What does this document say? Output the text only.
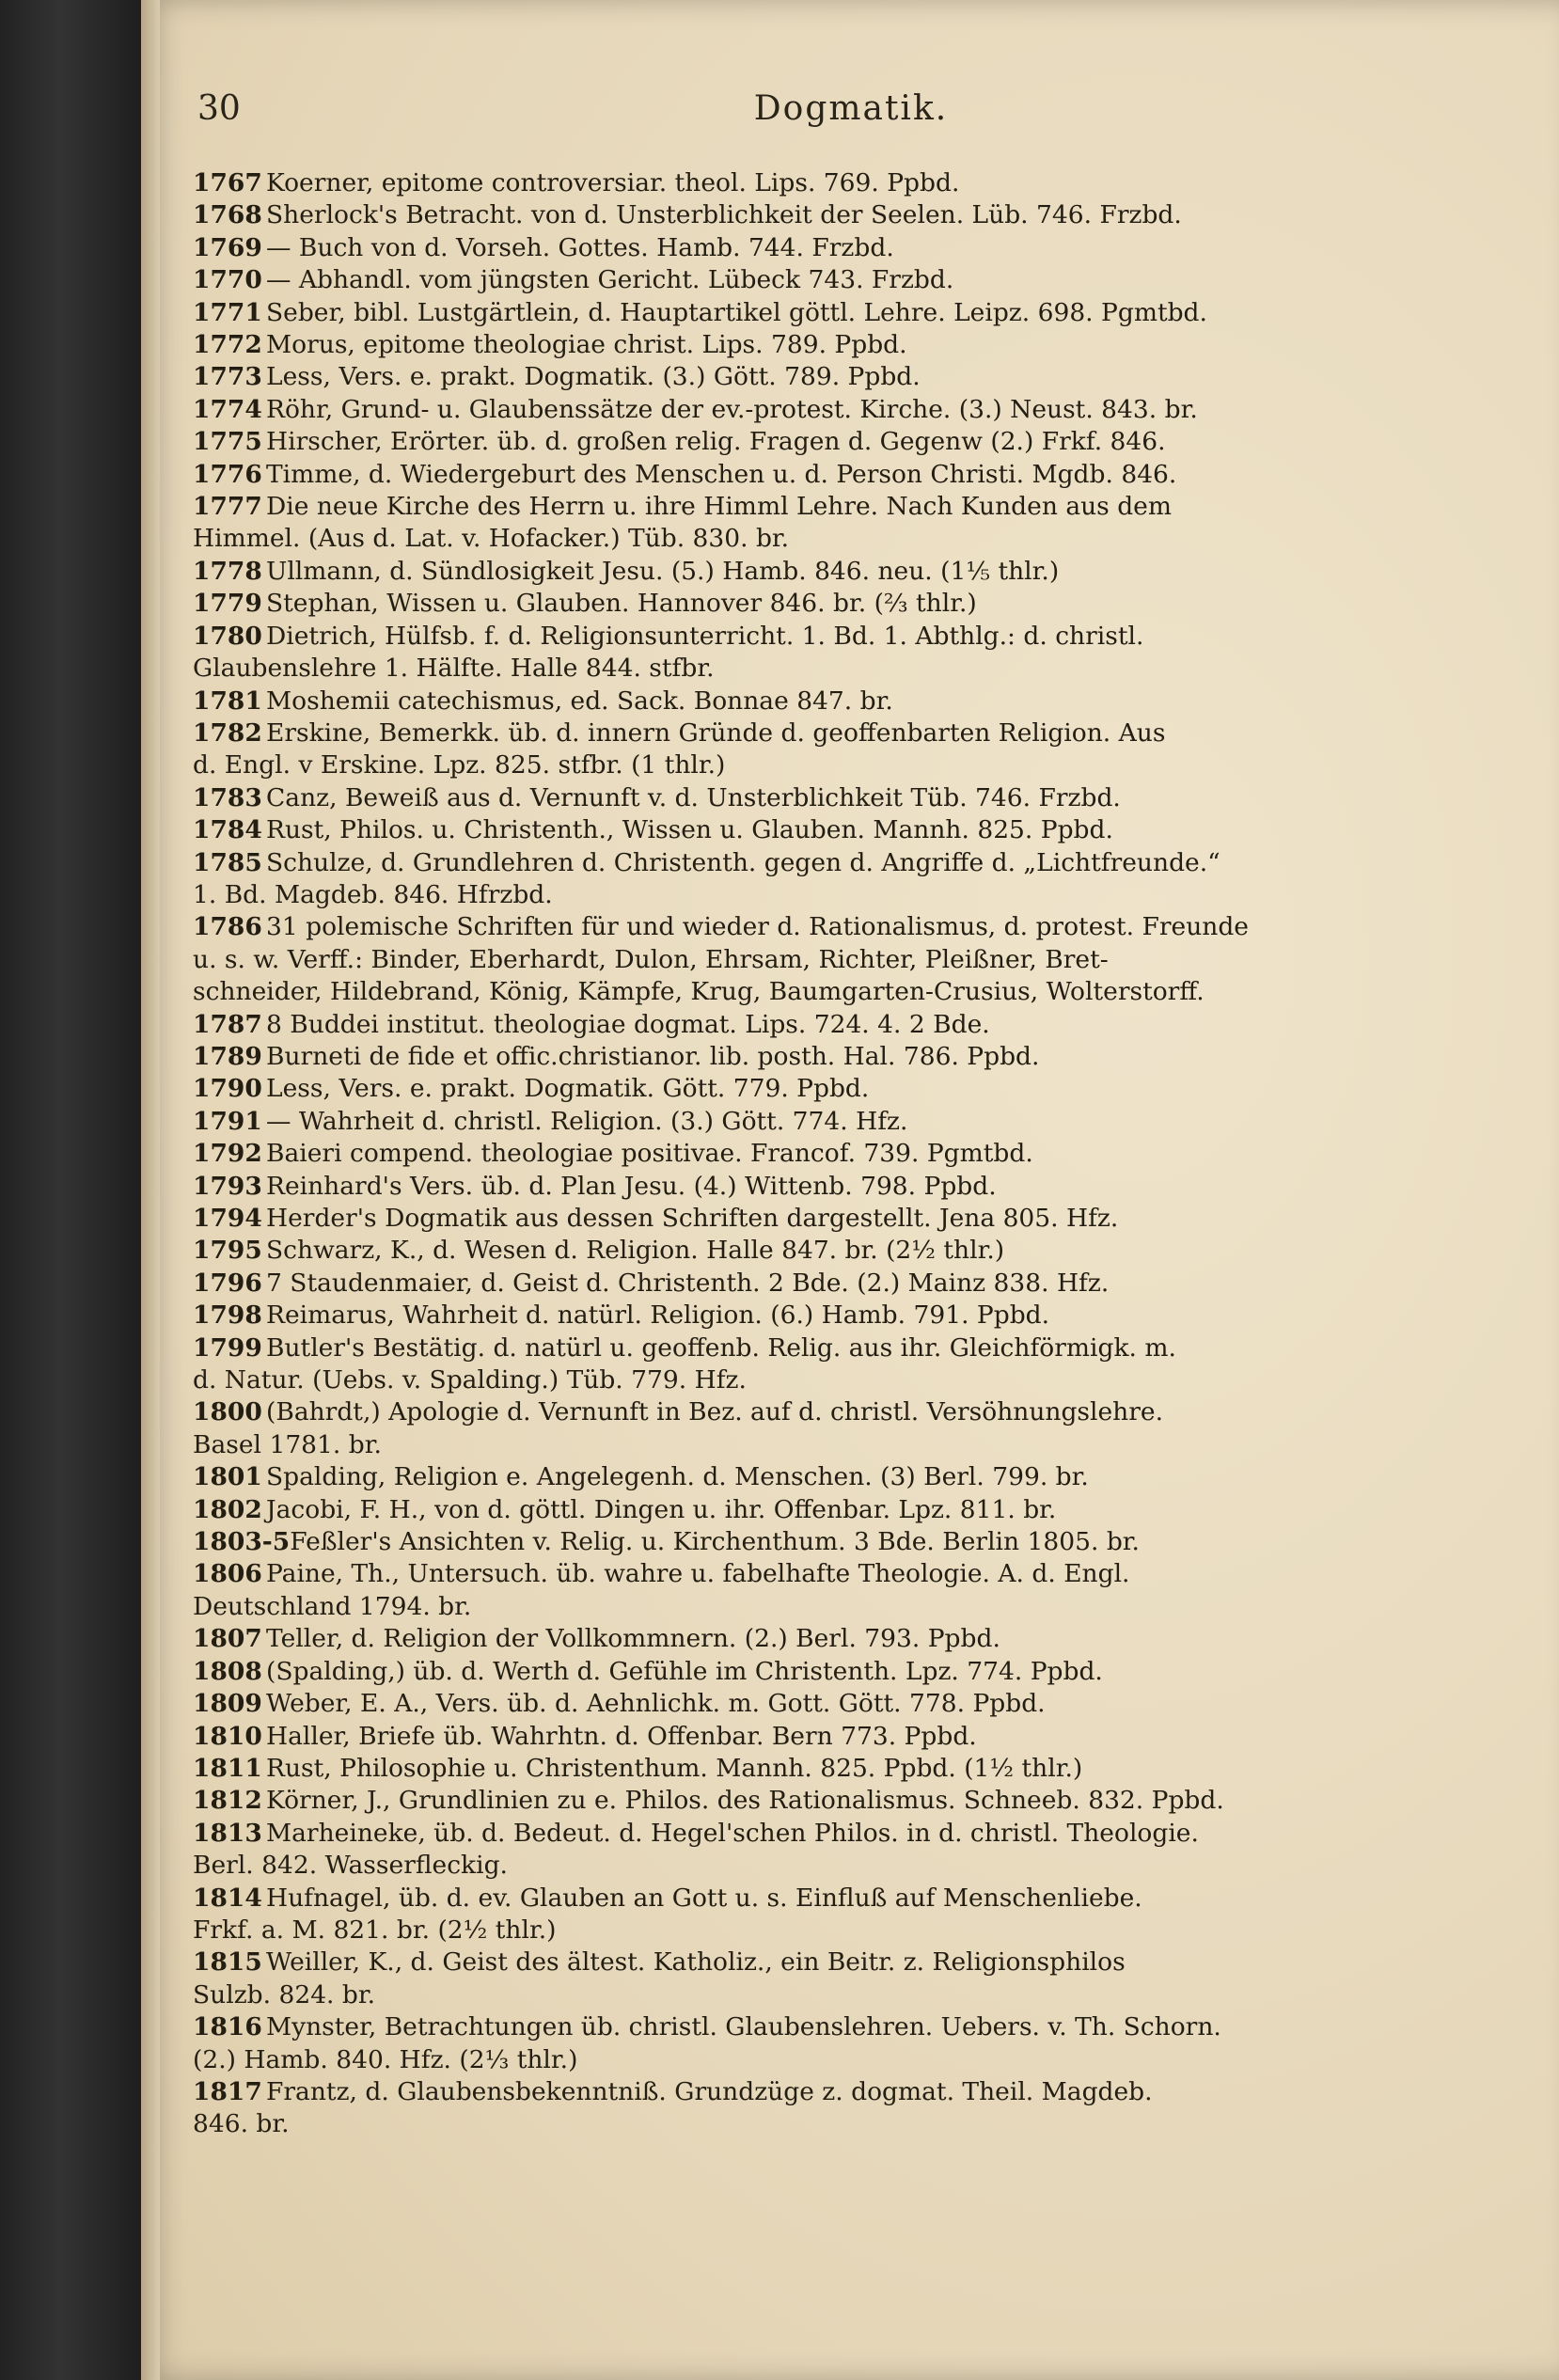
30	Dogmatik.
1767 Koerner, epitome controversiar. theol. Lips. 769. Ppbd.
1768 Sherlock's Betracht. von d. Unsterblichkeit der Seelen. Lüb. 746. Frzbd.
1769 — Buch von d. Vorseh. Gottes. Hamb. 744. Frzbd.
1770 — Abhandl. vom jüngsten Gericht. Lübeck 743. Frzbd.
1771 Seber, bibl. Lustgärtlein, d. Hauptartikel göttl. Lehre. Leipz. 698. Pgmtbd.
1772 Morus, epitome theologiae christ. Lips. 789. Ppbd.
1773 Less, Vers. e. prakt. Dogmatik. (3.) Gött. 789. Ppbd.
1774 Röhr, Grund- u. Glaubenssätze der ev.-protest. Kirche. (3.) Neust. 843. br.
1775 Hirscher, Erörter. üb. d. großen relig. Fragen d. Gegenw (2.) Frkf. 846.
1776 Timme, d. Wiedergeburt des Menschen u. d. Person Christi. Mgdb. 846.
1777 Die neue Kirche des Herrn u. ihre Himml Lehre. Nach Kunden aus dem
Himmel. (Aus d. Lat. v. Hofacker.) Tüb. 830. br.
1778 Ullmann, d. Sündlosigkeit Jesu. (5.) Hamb. 846. neu. (1⅕ thlr.)
1779 Stephan, Wissen u. Glauben. Hannover 846. br. (⅔ thlr.)
1780 Dietrich, Hülfsb. f. d. Religionsunterricht. 1. Bd. 1. Abthlg.: d. christl.
Glaubenslehre 1. Hälfte. Halle 844. stfbr.
1781 Moshemii catechismus, ed. Sack. Bonnae 847. br.
1782 Erskine, Bemerkk. üb. d. innern Gründe d. geoffenbarten Religion. Aus
d. Engl. v Erskine. Lpz. 825. stfbr. (1 thlr.)
1783 Canz, Beweiß aus d. Vernunft v. d. Unsterblichkeit Tüb. 746. Frzbd.
1784 Rust, Philos. u. Christenth., Wissen u. Glauben. Mannh. 825. Ppbd.
1785 Schulze, d. Grundlehren d. Christenth. gegen d. Angriffe d. „Lichtfreunde.“
1. Bd. Magdeb. 846. Hfrzbd.
1786 31 polemische Schriften für und wieder d. Rationalismus, d. protest. Freunde
u. s. w. Verff.: Binder, Eberhardt, Dulon, Ehrsam, Richter, Pleißner, Bret-
schneider, Hildebrand, König, Kämpfe, Krug, Baumgarten-Crusius, Wolterstorff.
1787 8 Buddei institut. theologiae dogmat. Lips. 724. 4. 2 Bde.
1789 Burneti de fide et offic.christianor. lib. posth. Hal. 786. Ppbd.
1790 Less, Vers. e. prakt. Dogmatik. Gött. 779. Ppbd.
1791 — Wahrheit d. christl. Religion. (3.) Gött. 774. Hfz.
1792 Baieri compend. theologiae positivae. Francof. 739. Pgmtbd.
1793 Reinhard's Vers. üb. d. Plan Jesu. (4.) Wittenb. 798. Ppbd.
1794 Herder's Dogmatik aus dessen Schriften dargestellt. Jena 805. Hfz.
1795 Schwarz, K., d. Wesen d. Religion. Halle 847. br. (2½ thlr.)
1796 7 Staudenmaier, d. Geist d. Christenth. 2 Bde. (2.) Mainz 838. Hfz.
1798 Reimarus, Wahrheit d. natürl. Religion. (6.) Hamb. 791. Ppbd.
1799 Butler's Bestätig. d. natürl u. geoffenb. Relig. aus ihr. Gleichförmigk. m.
d. Natur. (Uebs. v. Spalding.) Tüb. 779. Hfz.
1800 (Bahrdt,) Apologie d. Vernunft in Bez. auf d. christl. Versöhnungslehre.
Basel 1781. br.
1801 Spalding, Religion e. Angelegenh. d. Menschen. (3) Berl. 799. br.
1802 Jacobi, F. H., von d. göttl. Dingen u. ihr. Offenbar. Lpz. 811. br.
1803-5Feßler's Ansichten v. Relig. u. Kirchenthum. 3 Bde. Berlin 1805. br.
1806 Paine, Th., Untersuch. üb. wahre u. fabelhafte Theologie. A. d. Engl.
Deutschland 1794. br.
1807 Teller, d. Religion der Vollkommnern. (2.) Berl. 793. Ppbd.
1808 (Spalding,) üb. d. Werth d. Gefühle im Christenth. Lpz. 774. Ppbd.
1809 Weber, E. A., Vers. üb. d. Aehnlichk. m. Gott. Gött. 778. Ppbd.
1810 Haller, Briefe üb. Wahrhtn. d. Offenbar. Bern 773. Ppbd.
1811 Rust, Philosophie u. Christenthum. Mannh. 825. Ppbd. (1½ thlr.)
1812 Körner, J., Grundlinien zu e. Philos. des Rationalismus. Schneeb. 832. Ppbd.
1813 Marheineke, üb. d. Bedeut. d. Hegel'schen Philos. in d. christl. Theologie.
Berl. 842. Wasserfleckig.
1814 Hufnagel, üb. d. ev. Glauben an Gott u. s. Einfluß auf Menschenliebe.
Frkf. a. M. 821. br. (2½ thlr.)
1815 Weiller, K., d. Geist des ältest. Katholiz., ein Beitr. z. Religionsphilos
Sulzb. 824. br.
1816 Mynster, Betrachtungen üb. christl. Glaubenslehren. Uebers. v. Th. Schorn.
(2.) Hamb. 840. Hfz. (2⅓ thlr.)
1817 Frantz, d. Glaubensbekenntniß. Grundzüge z. dogmat. Theil. Magdeb.
846. br.
